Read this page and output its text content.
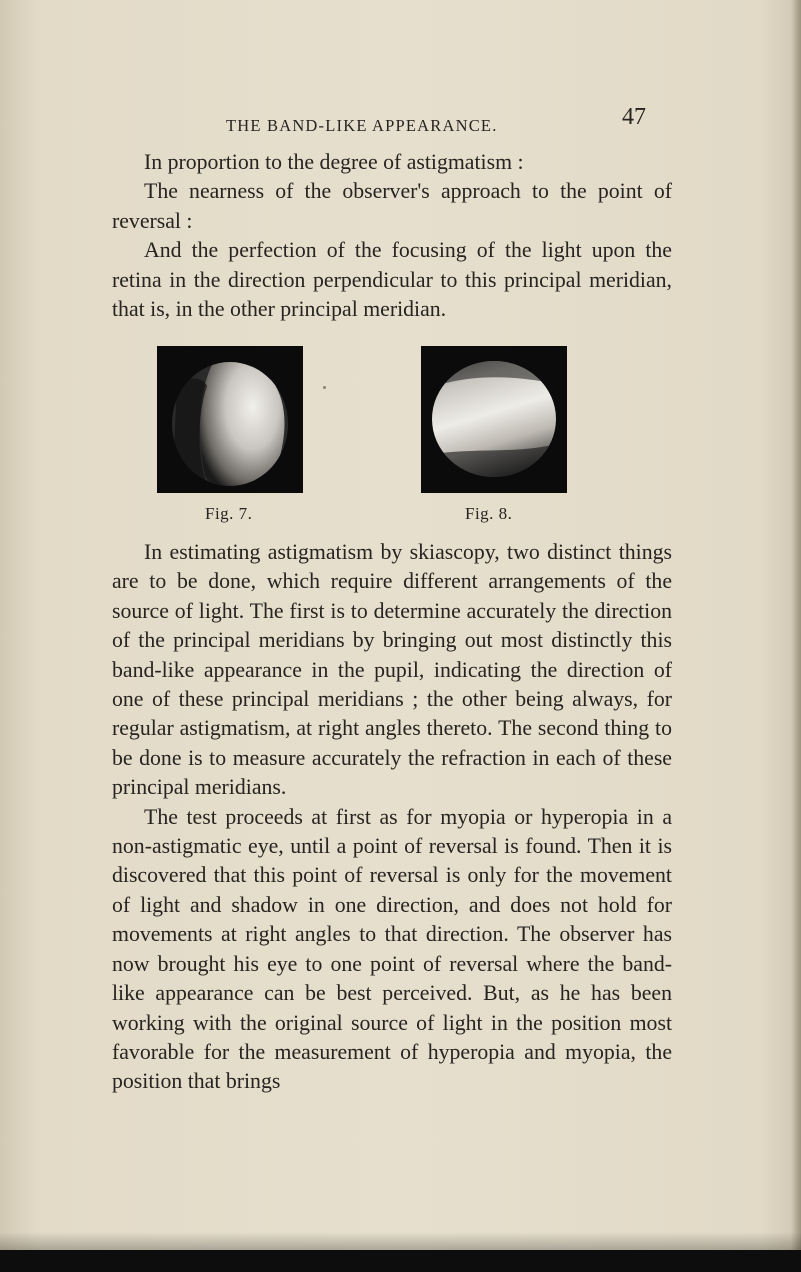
THE BAND-LIKE APPEARANCE.	47

In proportion to the degree of astigmatism :

The nearness of the observer's approach to the point of reversal :

And the perfection of the focusing of the light upon the retina in the direction perpendicular to this principal meridian, that is, in the other principal meridian.

Fig. 7.	Fig. 8.

In estimating astigmatism by skiascopy, two distinct things are to be done, which require different arrangements of the source of light. The first is to determine accurately the direction of the principal meridians by bringing out most distinctly this band-like appearance in the pupil, indicating the direction of one of these principal meridians ; the other being always, for regular astigmatism, at right angles thereto. The second thing to be done is to measure accurately the refraction in each of these principal meridians.

The test proceeds at first as for myopia or hyperopia in a non-astigmatic eye, until a point of reversal is found. Then it is discovered that this point of reversal is only for the movement of light and shadow in one direction, and does not hold for movements at right angles to that direction. The observer has now brought his eye to one point of reversal where the band-like appearance can be best perceived. But, as he has been working with the original source of light in the position most favorable for the measurement of hyperopia and myopia, the position that brings
